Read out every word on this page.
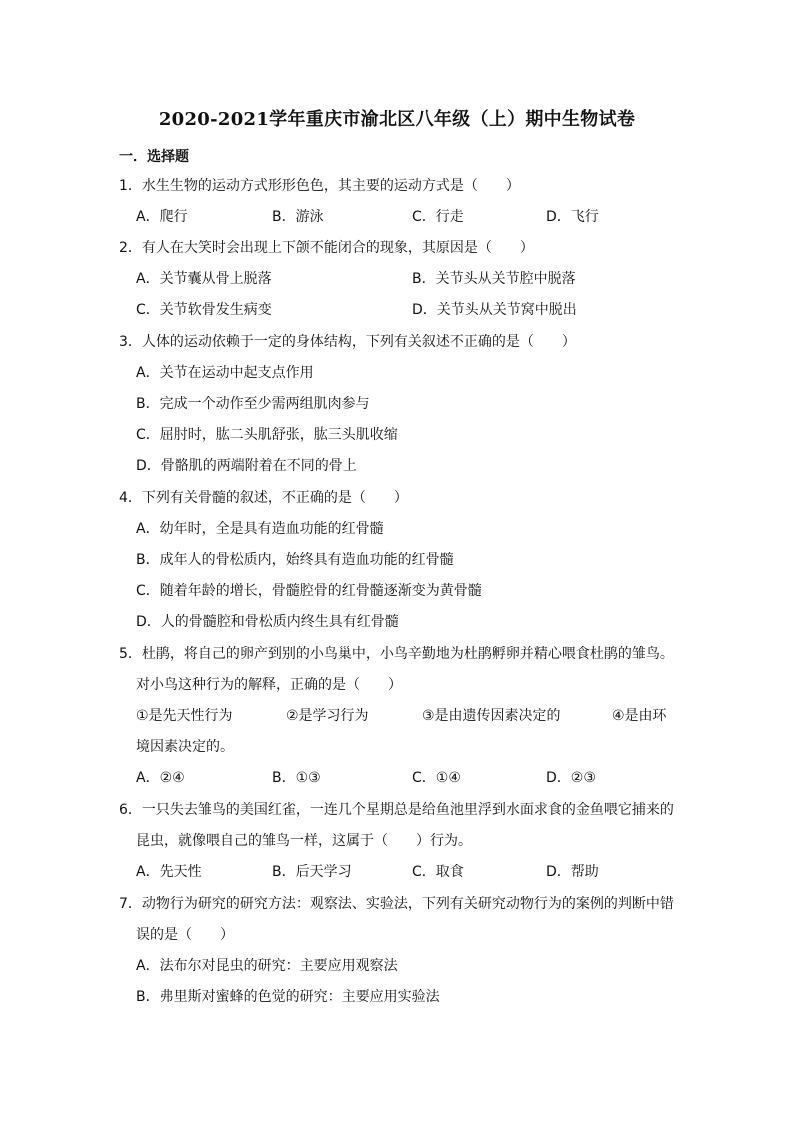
2020-2021学年重庆市渝北区八年级（上）期中生物试卷
一．选择题
1．水生生物的运动方式形形色色，其主要的运动方式是（　　）
A．爬行	B．游泳	C．行走	D．飞行
2．有人在大笑时会出现上下颌不能闭合的现象，其原因是（　　）
A．关节囊从骨上脱落	B．关节头从关节腔中脱落
C．关节软骨发生病变	D．关节头从关节窝中脱出
3．人体的运动依赖于一定的身体结构，下列有关叙述不正确的是（　　）
A．关节在运动中起支点作用
B．完成一个动作至少需两组肌肉参与
C．屈肘时，肱二头肌舒张，肱三头肌收缩
D．骨骼肌的两端附着在不同的骨上
4．下列有关骨髓的叙述，不正确的是（　　）
A．幼年时，全是具有造血功能的红骨髓
B．成年人的骨松质内，始终具有造血功能的红骨髓
C．随着年龄的增长，骨髓腔骨的红骨髓逐渐变为黄骨髓
D．人的骨髓腔和骨松质内终生具有红骨髓
5．杜鹃，将自己的卵产到别的小鸟巢中，小鸟辛勤地为杜鹃孵卵并精心喂食杜鹃的雏鸟。
对小鸟这种行为的解释，正确的是（　　）
①是先天性行为	②是学习行为	③是由遗传因素决定的	④是由环
境因素决定的。
A．②④	B．①③	C．①④	D．②③
6．一只失去雏鸟的美国红雀，一连几个星期总是给鱼池里浮到水面求食的金鱼喂它捕来的
昆虫，就像喂自己的雏鸟一样，这属于（　　）行为。
A．先天性	B．后天学习	C．取食	D．帮助
7．动物行为研究的研究方法：观察法、实验法，下列有关研究动物行为的案例的判断中错
误的是（　　）
A．法布尔对昆虫的研究：主要应用观察法
B．弗里斯对蜜蜂的色觉的研究：主要应用实验法
